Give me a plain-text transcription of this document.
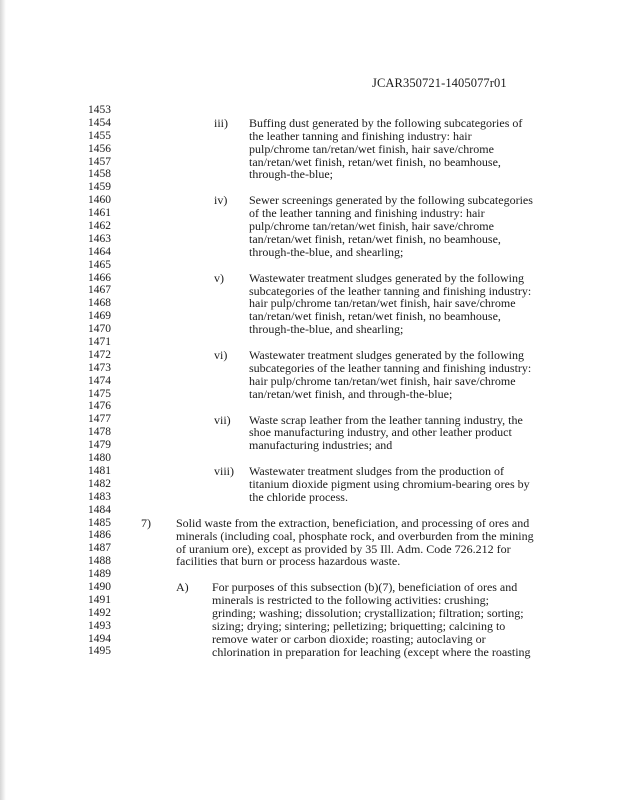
JCAR350721-1405077r01
1453
1454
1455
1456
1457
1458
1459
1460
1461
1462
1463
1464
1465
1466
1467
1468
1469
1470
1471
1472
1473
1474
1475
1476
1477
1478
1479
1480
1481
1482
1483
1484
1485
1486
1487
1488
1489
1490
1491
1492
1493
1494
1495
iii) Buffing dust generated by the following subcategories of
the leather tanning and finishing industry: hair
pulp/chrome tan/retan/wet finish, hair save/chrome
tan/retan/wet finish, retan/wet finish, no beamhouse,
through-the-blue;
iv) Sewer screenings generated by the following subcategories
of the leather tanning and finishing industry: hair
pulp/chrome tan/retan/wet finish, hair save/chrome
tan/retan/wet finish, retan/wet finish, no beamhouse,
through-the-blue, and shearling;
v) Wastewater treatment sludges generated by the following
subcategories of the leather tanning and finishing industry:
hair pulp/chrome tan/retan/wet finish, hair save/chrome
tan/retan/wet finish, retan/wet finish, no beamhouse,
through-the-blue, and shearling;
vi) Wastewater treatment sludges generated by the following
subcategories of the leather tanning and finishing industry:
hair pulp/chrome tan/retan/wet finish, hair save/chrome
tan/retan/wet finish, and through-the-blue;
vii) Waste scrap leather from the leather tanning industry, the
shoe manufacturing industry, and other leather product
manufacturing industries; and
viii) Wastewater treatment sludges from the production of
titanium dioxide pigment using chromium-bearing ores by
the chloride process.
7) Solid waste from the extraction, beneficiation, and processing of ores and
minerals (including coal, phosphate rock, and overburden from the mining
of uranium ore), except as provided by 35 Ill. Adm. Code 726.212 for
facilities that burn or process hazardous waste.
A) For purposes of this subsection (b)(7), beneficiation of ores and
minerals is restricted to the following activities: crushing;
grinding; washing; dissolution; crystallization; filtration; sorting;
sizing; drying; sintering; pelletizing; briquetting; calcining to
remove water or carbon dioxide; roasting; autoclaving or
chlorination in preparation for leaching (except where the roasting
